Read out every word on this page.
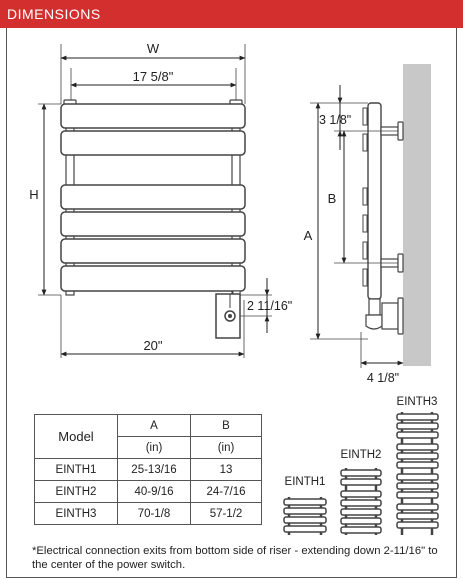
DIMENSIONS
W
17 5/8"
H
2 11/16"
20"
3 1/8"
B
A
4 1/8"
EINTH1
EINTH2
EINTH3
Model	A	B
	(in)	(in)
EINTH1	25-13/16	13
EINTH2	40-9/16	24-7/16
EINTH3	70-1/8	57-1/2
*Electrical connection exits from bottom side of riser - extending down 2-11/16" to the center of the power switch.
